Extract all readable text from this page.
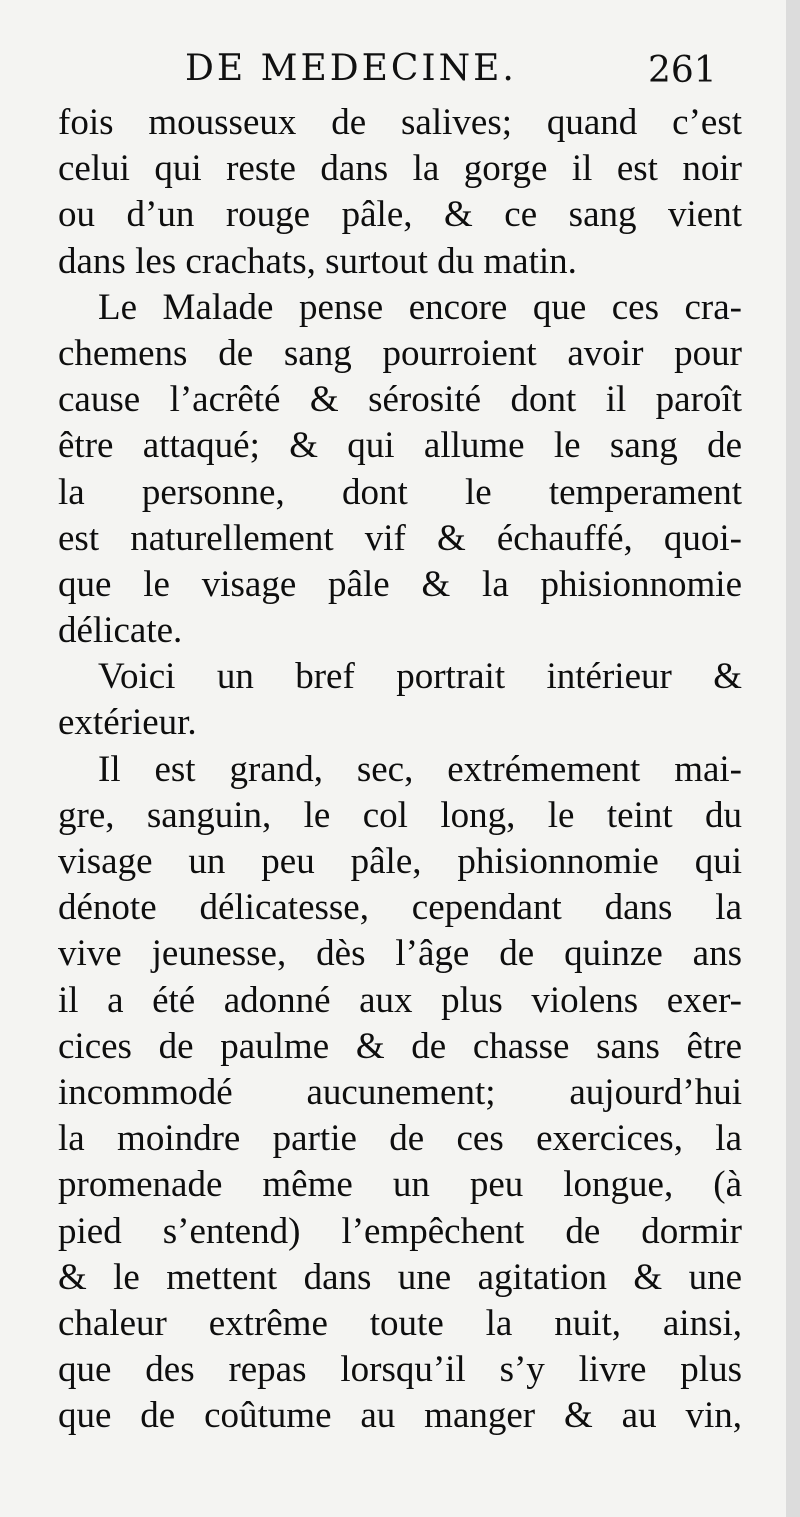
DE MEDECINE.	261
fois mousseux de salives; quand c’est
celui qui reste dans la gorge il est noir
ou d’un rouge pâle, & ce sang vient
dans les crachats, surtout du matin.
Le Malade pense encore que ces cra-
chemens de sang pourroient avoir pour
cause l’acrêté & sérosité dont il paroît
être attaqué; & qui allume le sang de
la personne, dont le temperament
est naturellement vif & échauffé, quoi-
que le visage pâle & la phisionnomie
délicate.
Voici un bref portrait intérieur &
extérieur.
Il est grand, sec, extrémement mai-
gre, sanguin, le col long, le teint du
visage un peu pâle, phisionnomie qui
dénote délicatesse, cependant dans la
vive jeunesse, dès l’âge de quinze ans
il a été adonné aux plus violens exer-
cices de paulme & de chasse sans être
incommodé aucunement; aujourd’hui
la moindre partie de ces exercices, la
promenade même un peu longue, (à
pied s’entend) l’empêchent de dormir
& le mettent dans une agitation & une
chaleur extrême toute la nuit, ainsi,
que des repas lorsqu’il s’y livre plus
que de coûtume au manger & au vin,
